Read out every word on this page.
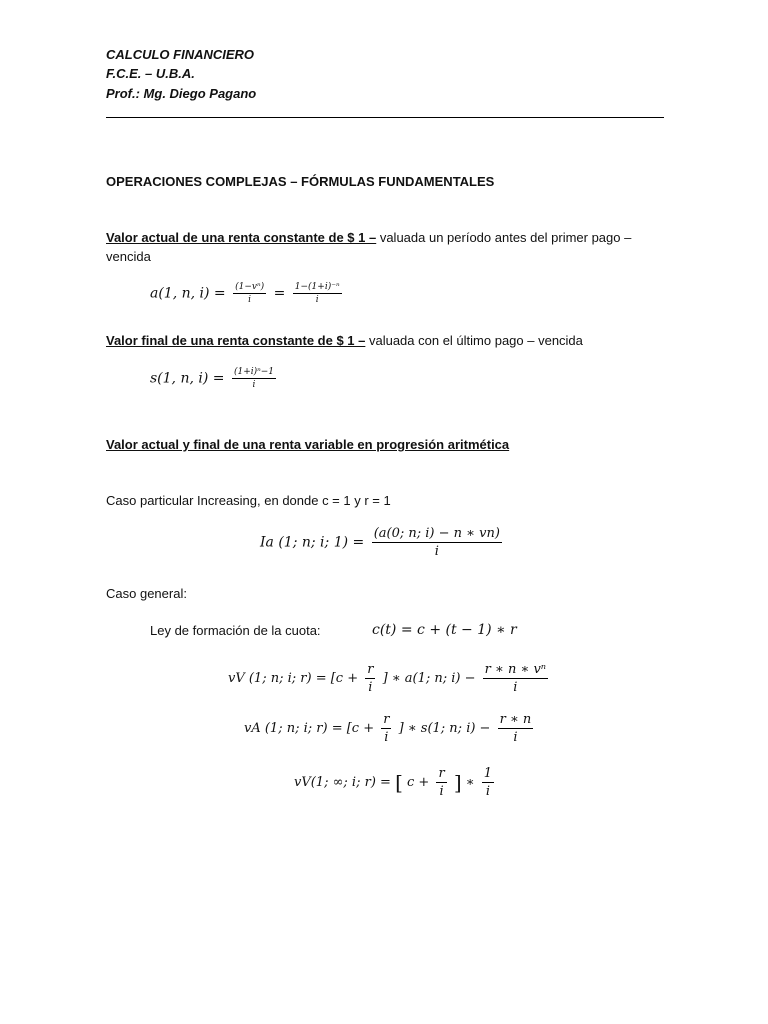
CALCULO FINANCIERO
F.C.E. – U.B.A.
Prof.: Mg. Diego Pagano
OPERACIONES COMPLEJAS – FÓRMULAS FUNDAMENTALES
Valor actual de una renta constante de $ 1 – valuada un período antes del primer pago –
vencida
a(1, n, $i) = \frac{\text{(1−vⁿ)}}{i} = \frac{\text{1−(1+i)⁻ⁿ}}{i}$
Valor final de una renta constante de $ 1 – valuada con el último pago – vencida
s(1, n, $i) = \frac{\text{(1+i)ⁿ−1}}{i}$
Valor actual y final de una renta variable en progresión aritmética
Caso particular Increasing, en donde c = 1 y r = 1
Ia (1; n; i; $1) = \frac{(a(0; n; i) - n ∗ vn)}{i}$
Caso general:
Ley de formación de la cuota:	c(t) = c + (t − 1) ∗ r
vV (1; n; i; $r) = [c + \frac{r}{i}$ ] ∗ a(1; n; $i) - \frac{\text{r ∗ n ∗ vⁿ}}{i}$
vA (1; n; i; $r) = [c + \frac{r}{i}$ ] ∗ s(1; n; $i) - \frac{r ∗ n}{i}$
vV(1; ∞; i; r) = [ $c + \frac{r}{i}$ ] ∗ $\frac{1}{i}$
